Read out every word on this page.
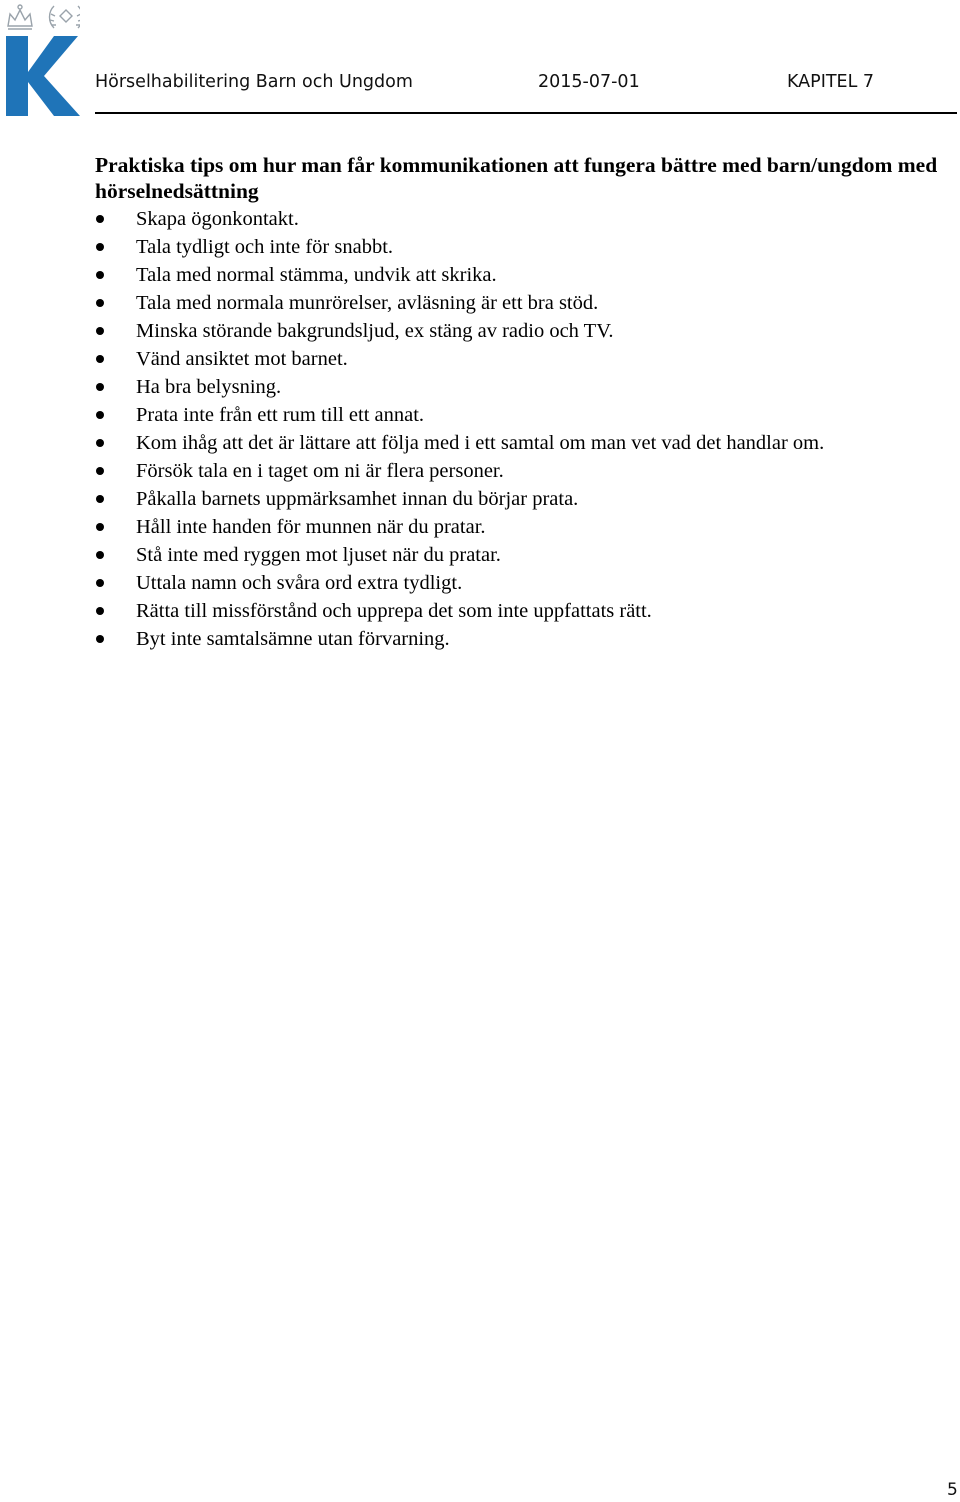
Hörselhabilitering Barn och Ungdom	2015-07-01	KAPITEL 7
Praktiska tips om hur man får kommunikationen att fungera bättre med barn/ungdom med hörselnedsättning
Skapa ögonkontakt.
Tala tydligt och inte för snabbt.
Tala med normal stämma, undvik att skrika.
Tala med normala munrörelser, avläsning är ett bra stöd.
Minska störande bakgrundsljud, ex stäng av radio och TV.
Vänd ansiktet mot barnet.
Ha bra belysning.
Prata inte från ett rum till ett annat.
Kom ihåg att det är lättare att följa med i ett samtal om man vet vad det handlar om.
Försök tala en i taget om ni är flera personer.
Påkalla barnets uppmärksamhet innan du börjar prata.
Håll inte handen för munnen när du pratar.
Stå inte med ryggen mot ljuset när du pratar.
Uttala namn och svåra ord extra tydligt.
Rätta till missförstånd och upprepa det som inte uppfattats rätt.
Byt inte samtalsämne utan förvarning.
5
